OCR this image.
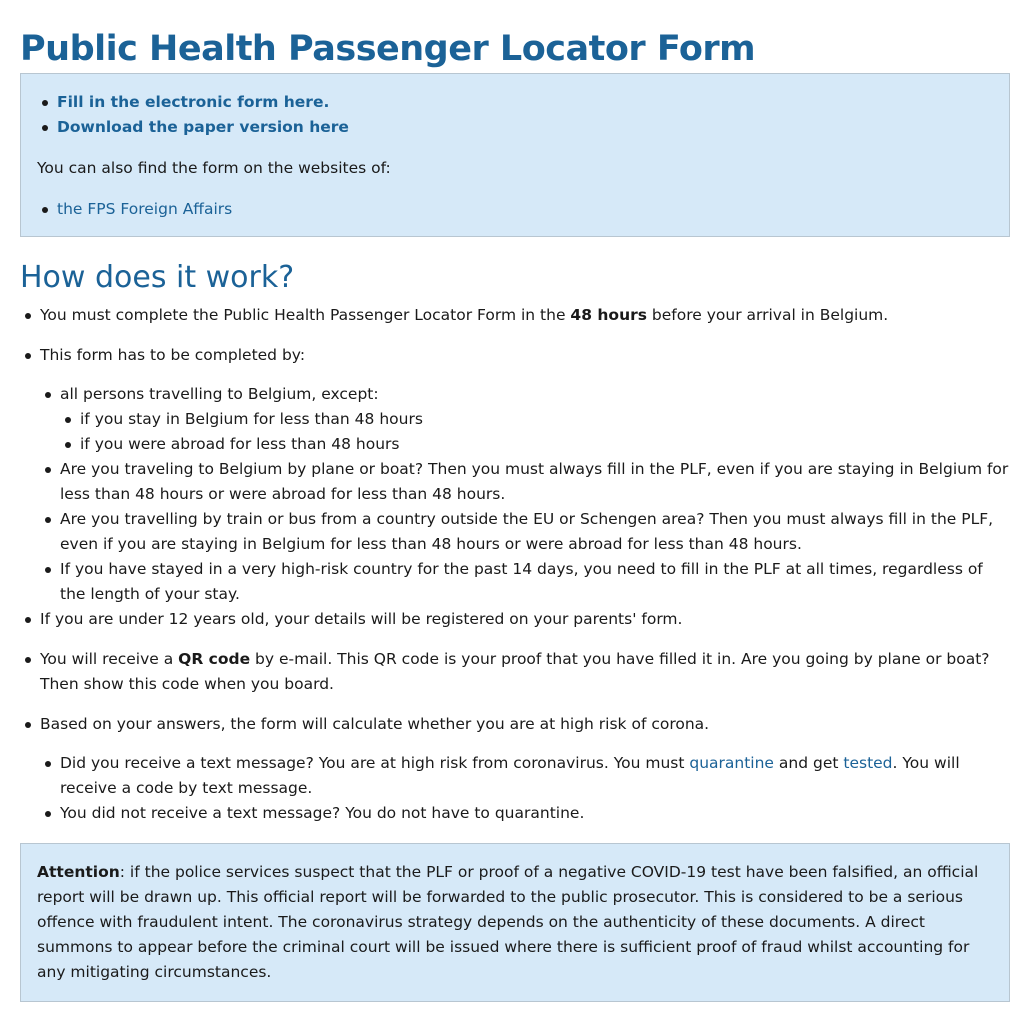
Public Health Passenger Locator Form
Fill in the electronic form here.
Download the paper version here

You can also find the form on the websites of:

the FPS Foreign Affairs
How does it work?
You must complete the Public Health Passenger Locator Form in the 48 hours before your arrival in Belgium.
This form has to be completed by:
all persons travelling to Belgium, except:
if you stay in Belgium for less than 48 hours
if you were abroad for less than 48 hours
Are you traveling to Belgium by plane or boat? Then you must always fill in the PLF, even if you are staying in Belgium for less than 48 hours or were abroad for less than 48 hours.
Are you travelling by train or bus from a country outside the EU or Schengen area? Then you must always fill in the PLF, even if you are staying in Belgium for less than 48 hours or were abroad for less than 48 hours.
If you have stayed in a very high-risk country for the past 14 days, you need to fill in the PLF at all times, regardless of the length of your stay.
If you are under 12 years old, your details will be registered on your parents' form.
You will receive a QR code by e-mail. This QR code is your proof that you have filled it in. Are you going by plane or boat? Then show this code when you board.
Based on your answers, the form will calculate whether you are at high risk of corona.
Did you receive a text message? You are at high risk from coronavirus. You must quarantine and get tested. You will receive a code by text message.
You did not receive a text message? You do not have to quarantine.

Attention: if the police services suspect that the PLF or proof of a negative COVID-19 test have been falsified, an official report will be drawn up. This official report will be forwarded to the public prosecutor. This is considered to be a serious offence with fraudulent intent. The coronavirus strategy depends on the authenticity of these documents. A direct summons to appear before the criminal court will be issued where there is sufficient proof of fraud whilst accounting for any mitigating circumstances.
